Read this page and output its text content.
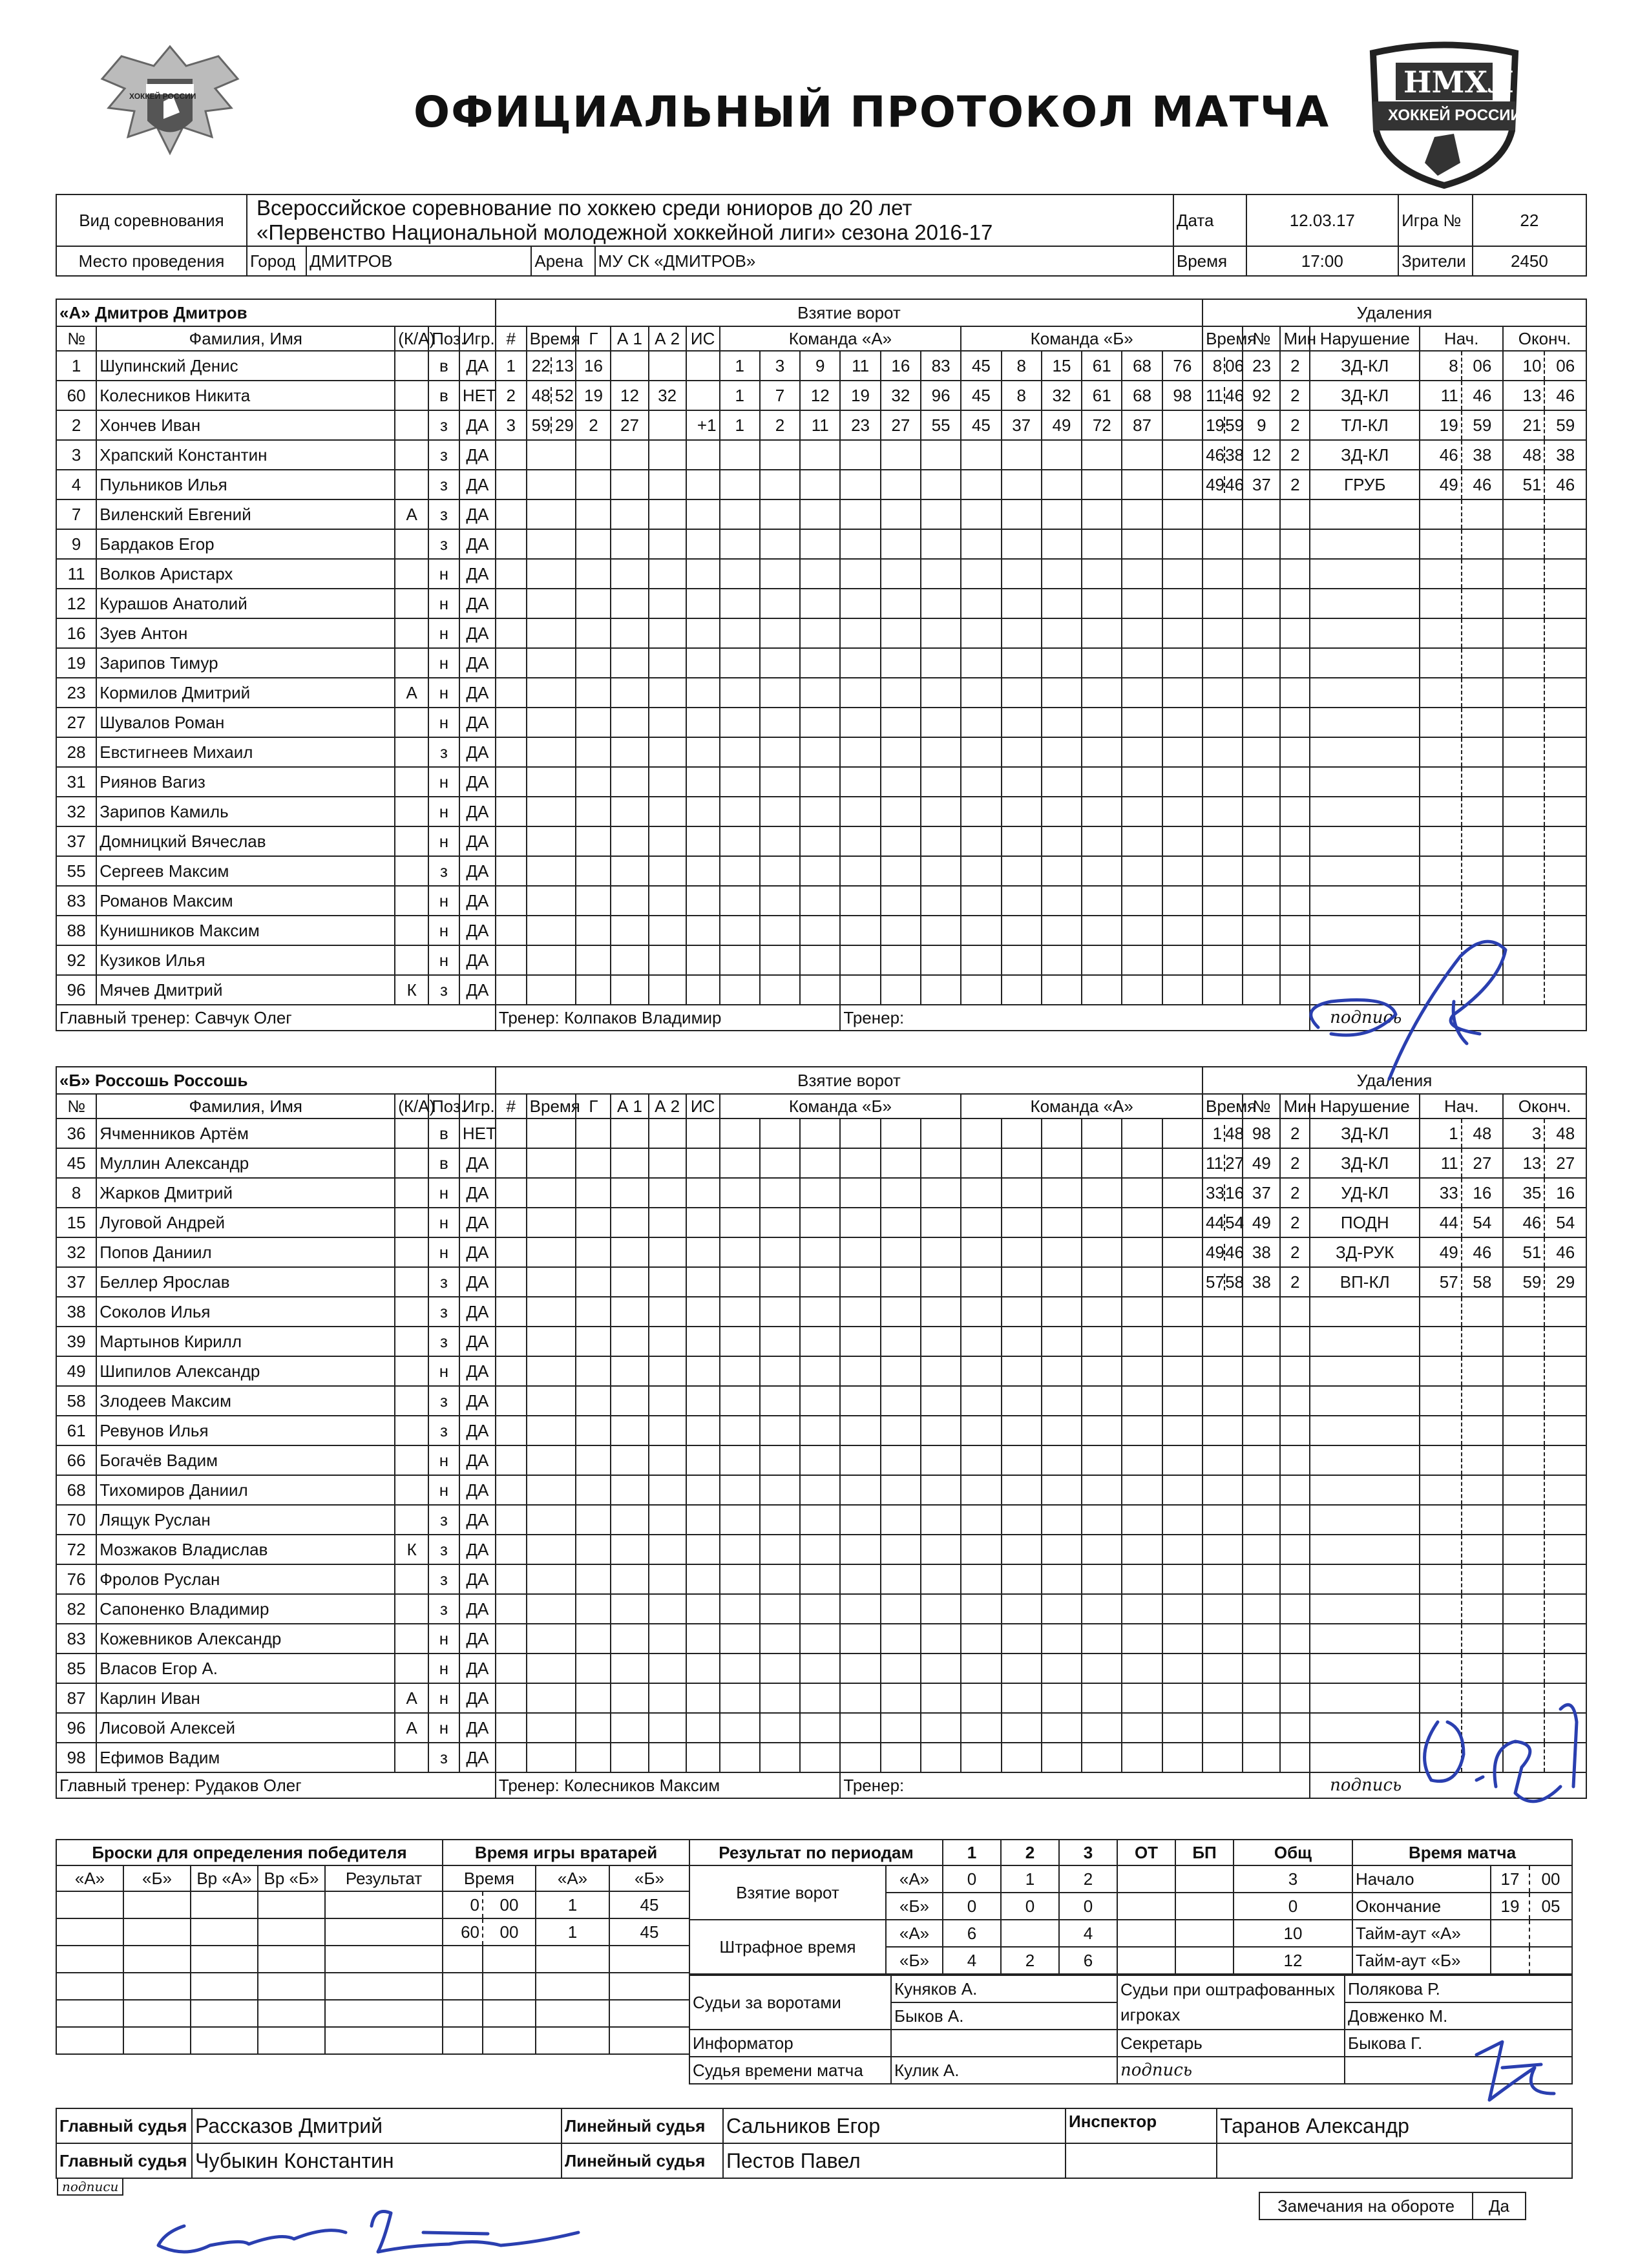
ХОККЕЙ РОССИИ	ОФИЦИАЛЬНЫЙ ПРОТОКОЛ МАТЧА
НМХЛ
ХОККЕЙ РОССИИ
Вид соревнования	Всероссийское соревнование по хоккею среди юниоров до 20 лет
«Первенство Национальной молодежной хоккейной лиги» сезона 2016-17				Дата	12.03.17	Игра №	22
Место проведения	Город	ДМИТРОВ	Арена	МУ СК «ДМИТРОВ»	Время	17:00	Зрители	2450
«А» Дмитров Дмитров					Взятие ворот																		Удаления							
№	Фамилия, Имя	(К/А)	Поз.	Игр.	#	Время	Г	А 1	А 2	ИС	Команда «А»						Команда «Б»						Время	№	Мин	Нарушение	Нач.		Оконч.	
1	Шупинский Денис		в	ДА	1	22 13	16				1	3	9	11	16	83	45	8	15	61	68	76	8 06	23	2	ЗД-КЛ	8	06	10	06
60	Колесников Никита		в	НЕТ	2	48 52	19	12	32		1	7	12	19	32	96	45	8	32	61	68	98	11 46	92	2	ЗД-КЛ	11	46	13	46
2	Хончев Иван		з	ДА	3	59 29	2	27		+1	1	2	11	23	27	55	45	37	49	72	87		1959	9	2	ТЛ-КЛ	19	59	21	59
3	Храпский Константин		з	ДА																			4638	12	2	ЗД-КЛ	46	38	48	38
4	Пульников Илья		з	ДА																			4946	37	2	ГРУБ	49	46	51	46
7	Виленский Евгений	А	з	ДА																										
9	Бардаков Егор		з	ДА																										
11	Волков Аристарх		н	ДА																										
12	Курашов Анатолий		н	ДА																										
16	Зуев Антон		н	ДА																										
19	Зарипов Тимур		н	ДА																										
23	Кормилов Дмитрий	А	н	ДА																										
27	Шувалов Роман		н	ДА																										
28	Евстигнеев Михаил		з	ДА																										
31	Риянов Вагиз		н	ДА																										
32	Зарипов Камиль		н	ДА																										
37	Домницкий Вячеслав		н	ДА																										
55	Сергеев Максим		з	ДА																										
83	Романов Максим		н	ДА																										
88	Кунишников Максим		н	ДА																										
92	Кузиков Илья		н	ДА																										
96	Мячев Дмитрий	К	з	ДА																										
Главный тренер: Савчук Олег					Тренер: Колпаков Владимир									Тренер:												подпись				
«Б» Россошь Россошь					Взятие ворот																		Удаления							
№	Фамилия, Имя	(К/А)	Поз.	Игр.	#	Время	Г	А 1	А 2	ИС	Команда «Б»						Команда «А»						Время	№	Мин	Нарушение	Нач.		Оконч.	
36	Ячменников Артём		в	НЕТ																			1 48	98	2	ЗД-КЛ	1	48	3	48
45	Муллин Александр		в	ДА																			11 27	49	2	ЗД-КЛ	11	27	13	27
8	Жарков Дмитрий		н	ДА																			3316	37	2	УД-КЛ	33	16	35	16
15	Луговой Андрей		н	ДА																			4454	49	2	ПОДН	44	54	46	54
32	Попов Даниил		н	ДА																			4946	38	2	ЗД-РУК	49	46	51	46
37	Беллер Ярослав		з	ДА																			5758	38	2	ВП-КЛ	57	58	59	29
38	Соколов Илья		з	ДА																										
39	Мартынов Кирилл		з	ДА																										
49	Шипилов Александр		н	ДА																										
58	Злодеев Максим		з	ДА																										
61	Ревунов Илья		з	ДА																										
66	Богачёв Вадим		н	ДА																										
68	Тихомиров Даниил		н	ДА																										
70	Лящук Руслан		з	ДА																										
72	Мозжаков Владислав	К	з	ДА																										
76	Фролов Руслан		з	ДА																										
82	Сапоненко Владимир		з	ДА																										
83	Кожевников Александр		н	ДА																										
85	Власов Егор А.		н	ДА																										
87	Карлин Иван	А	н	ДА																										
96	Лисовой Алексей	А	н	ДА																										
98	Ефимов Вадим		з	ДА																										
Главный тренер: Рудаков Олег					Тренер: Колесников Максим									Тренер:												подпись				
Броски для определения победителя				
«А»	«Б»	Вр «А»	Вр «Б»	Результат

Время игры вратарей			
Время		«А»	«Б»
0	00	1	45
60	00	1	45

Результат по периодам		1	2	3	ОТ	БП	Общ
Взятие ворот	«А»	0	1	2			3
	«Б»	0	0	0			0
Штрафное время	«А»	6		4			10
	«Б»	4	2	6			12
Время матча		
Начало	17	00
Окончание	19	05
Тайм-аут «А»		
Тайм-аут «Б»		
Судьи за воротами	Куняков А.	Судьи при оштрафованных игроках	Полякова Р.
	Быков А.		Довженко М.
Информатор		Секретарь	Быкова Г.
Судья времени матча	Кулик А.	подпись	
Главный судья	Рассказов Дмитрий	Линейный судья	Сальников Егор	Инспектор	Таранов Александр
Главный судья	Чубыкин Константин	Линейный судья	Пестов Павел		
подписи
Замечания на обороте	Да
